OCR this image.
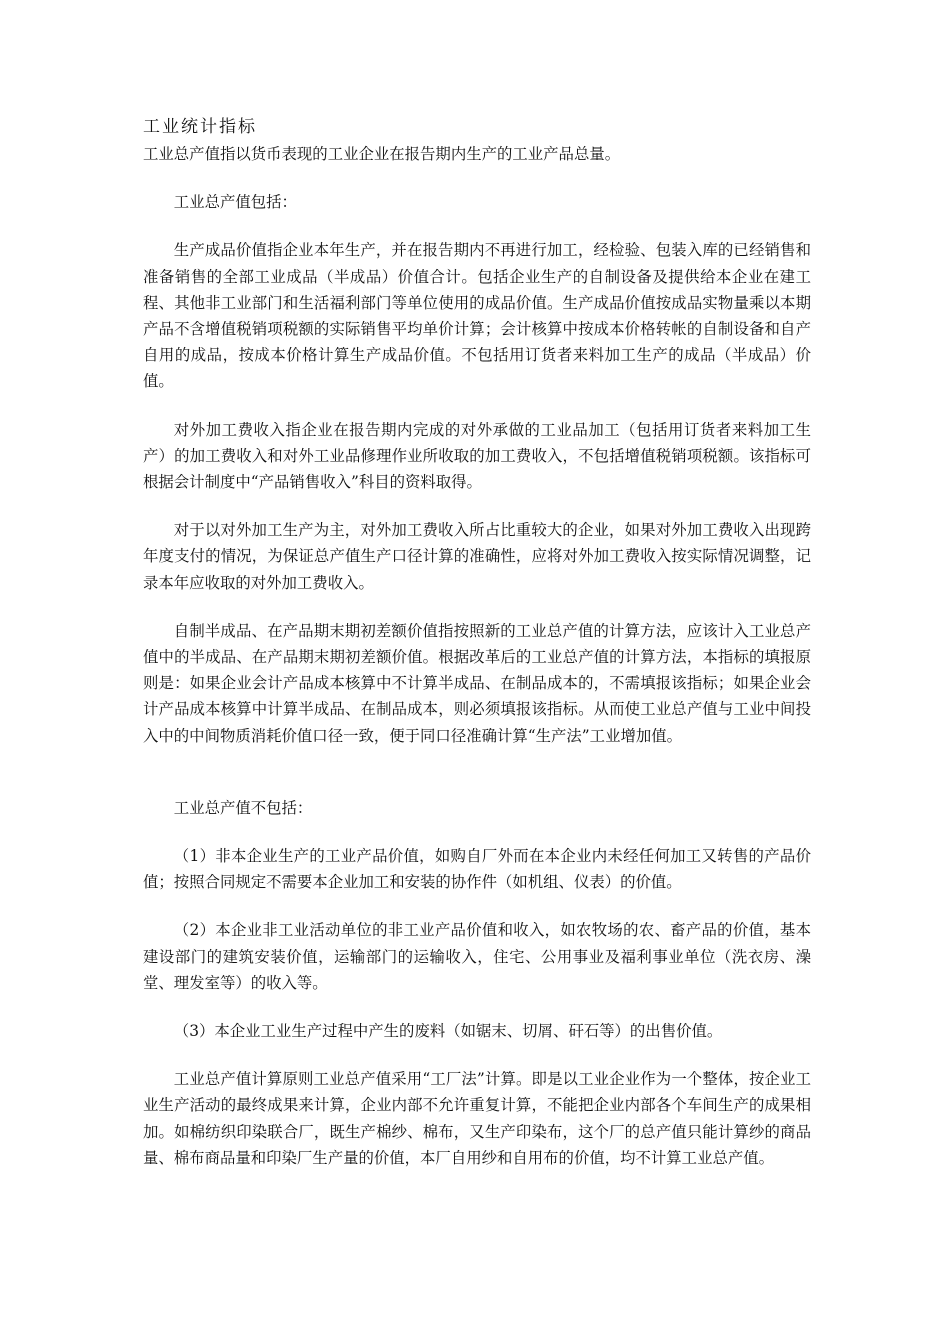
工业统计指标

工业总产值指以货币表现的工业企业在报告期内生产的工业产品总量。

工业总产值包括：

生产成品价值指企业本年生产，并在报告期内不再进行加工，经检验、包装入库的已经销售和准备销售的全部工业成品（半成品）价值合计。包括企业生产的自制设备及提供给本企业在建工程、其他非工业部门和生活福利部门等单位使用的成品价值。生产成品价值按成品实物量乘以本期产品不含增值税销项税额的实际销售平均单价计算；会计核算中按成本价格转帐的自制设备和自产自用的成品，按成本价格计算生产成品价值。不包括用订货者来料加工生产的成品（半成品）价值。

对外加工费收入指企业在报告期内完成的对外承做的工业品加工（包括用订货者来料加工生产）的加工费收入和对外工业品修理作业所收取的加工费收入，不包括增值税销项税额。该指标可根据会计制度中“产品销售收入”科目的资料取得。

对于以对外加工生产为主，对外加工费收入所占比重较大的企业，如果对外加工费收入出现跨年度支付的情况，为保证总产值生产口径计算的准确性，应将对外加工费收入按实际情况调整，记录本年应收取的对外加工费收入。

自制半成品、在产品期末期初差额价值指按照新的工业总产值的计算方法，应该计入工业总产值中的半成品、在产品期末期初差额价值。根据改革后的工业总产值的计算方法，本指标的填报原则是：如果企业会计产品成本核算中不计算半成品、在制品成本的，不需填报该指标；如果企业会计产品成本核算中计算半成品、在制品成本，则必须填报该指标。从而使工业总产值与工业中间投入中的中间物质消耗价值口径一致，便于同口径准确计算“生产法”工业增加值。

工业总产值不包括：

（1）非本企业生产的工业产品价值，如购自厂外而在本企业内未经任何加工又转售的产品价值；按照合同规定不需要本企业加工和安装的协作件（如机组、仪表）的价值。

（2）本企业非工业活动单位的非工业产品价值和收入，如农牧场的农、畜产品的价值，基本建设部门的建筑安装价值，运输部门的运输收入，住宅、公用事业及福利事业单位（洗衣房、澡堂、理发室等）的收入等。

（3）本企业工业生产过程中产生的废料（如锯末、切屑、矸石等）的出售价值。

工业总产值计算原则工业总产值采用“工厂法”计算。即是以工业企业作为一个整体，按企业工业生产活动的最终成果来计算，企业内部不允许重复计算，不能把企业内部各个车间生产的成果相加。如棉纺织印染联合厂，既生产棉纱、棉布，又生产印染布，这个厂的总产值只能计算纱的商品量、棉布商品量和印染厂生产量的价值，本厂自用纱和自用布的价值，均不计算工业总产值。
